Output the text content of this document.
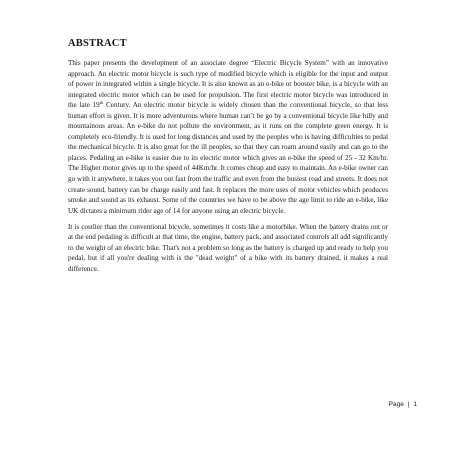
ABSTRACT

This paper presents the development of an associate degree “Electric Bicycle System” with an innovative approach. An electric motor bicycle is such type of modified bicycle which is eligible for the input and output of power in integrated within a single bicycle. It is also known as an e-bike or booster bike, is a bicycle with an integrated electric motor which can be used for propulsion. The first electric motor bicycle was introduced in the late 19th Century. An electric motor bicycle is widely chosen than the conventional bicycle, so that less human effort is given. It is more adventurous where human can’t be go by a conventional bicycle like hilly and mountainous areas. An e-bike do not pollute the environment, as it runs on the complete green energy. It is completely eco-friendly. It is used for long distances and used by the peoples who is having difficulties to pedal the mechanical bicycle. It is also great for the ill peoples, so that they can roam around easily and can go to the places. Pedaling an e-bike is easier due to its electric motor which gives an e-bike the speed of 25 - 32 Km/hr. The Higher motor gives up to the speed of 44Km/hr. It comes cheap and easy to maintain. An e-bike owner can go with it anywhere, it takes you out fast from the traffic and even from the busiest road and streets. It does not create sound, battery can be charge easily and fast. It replaces the more uses of motor vehicles which produces smoke and sound as its exhaust. Some of the countries we have to be above the age limit to ride an e-bike, like UK dictates a minimum rider age of 14 for anyone using an electric bicycle.

It is costlier than the conventional bicycle, sometimes it costs like a motorbike. When the battery drains out or at the end pedaling is difficult at that time, the engine, battery pack, and associated controls all add significantly to the weight of an electric bike. That's not a problem so long as the battery is charged up and ready to help you pedal, but if all you're dealing with is the "dead weight" of a bike with its battery drained, it makes a real difference.

Page | 1
